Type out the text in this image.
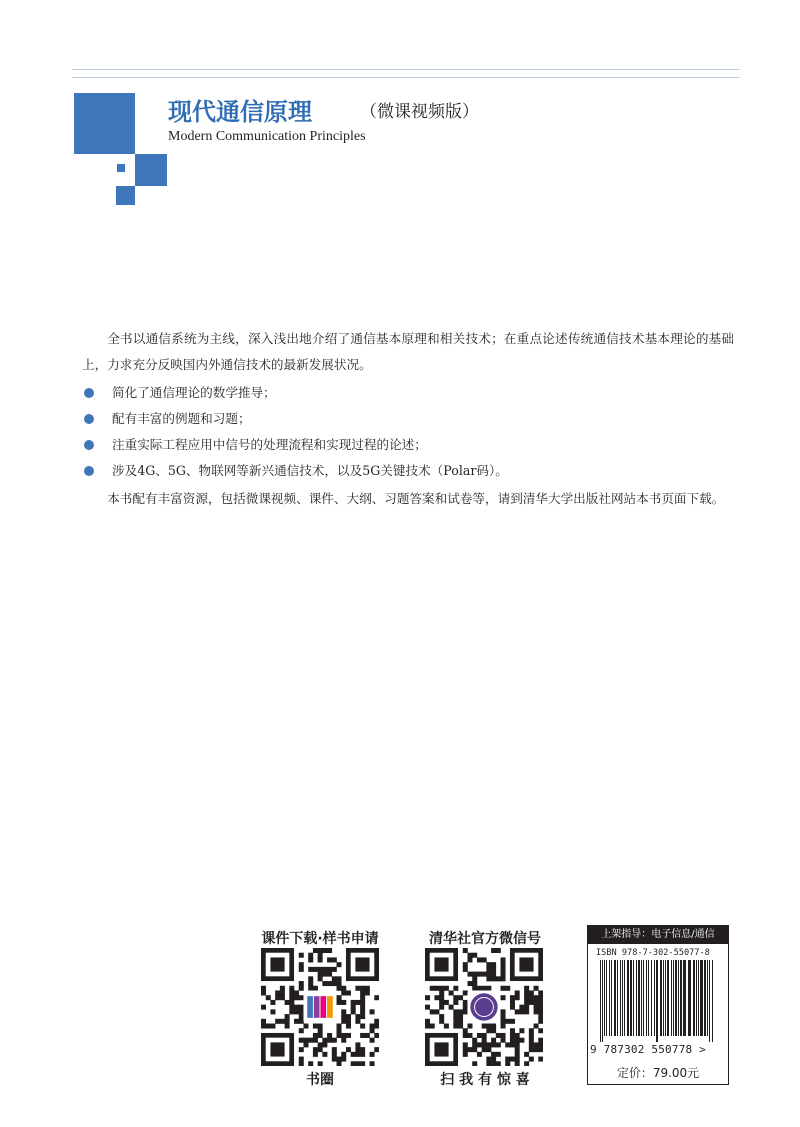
现代通信原理	（微课视频版）
Modern Communication Principles

全书以通信系统为主线，深入浅出地介绍了通信基本原理和相关技术；在重点论述传统通信技术基本理论的基础上，力求充分反映国内外通信技术的最新发展状况。

简化了通信理论的数学推导；
配有丰富的例题和习题；
注重实际工程应用中信号的处理流程和实现过程的论述；
涉及4G、5G、物联网等新兴通信技术，以及5G关键技术（Polar码）。

本书配有丰富资源，包括微课视频、课件、大纲、习题答案和试卷等，请到清华大学出版社网站本书页面下载。

课件下载·样书申请
书圈
清华社官方微信号
扫 我 有 惊 喜
上架指导：电子信息/通信
ISBN 978-7-302-55077-8
9 787302 550778 >
定价：79.00元
